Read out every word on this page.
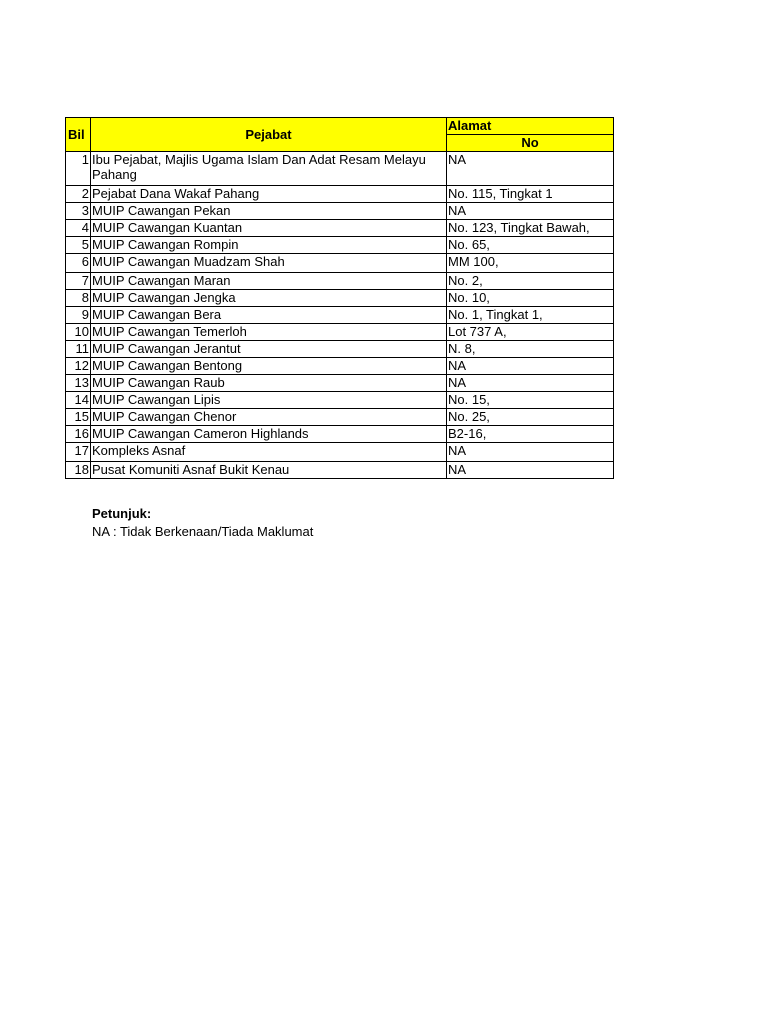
Bil	Pejabat	Alamat
		No
1	Ibu Pejabat, Majlis Ugama Islam Dan Adat Resam Melayu Pahang	NA
2	Pejabat Dana Wakaf Pahang	No. 115, Tingkat 1
3	MUIP Cawangan Pekan	NA
4	MUIP Cawangan Kuantan	No. 123, Tingkat Bawah,
5	MUIP Cawangan Rompin	No. 65,
6	MUIP Cawangan Muadzam Shah	MM 100,
7	MUIP Cawangan Maran	No. 2,
8	MUIP Cawangan Jengka	No. 10,
9	MUIP Cawangan Bera	No. 1, Tingkat 1,
10	MUIP Cawangan Temerloh	Lot 737 A,
11	MUIP Cawangan Jerantut	N. 8,
12	MUIP Cawangan Bentong	NA
13	MUIP Cawangan Raub	NA
14	MUIP Cawangan Lipis	No. 15,
15	MUIP Cawangan Chenor	No. 25,
16	MUIP Cawangan Cameron Highlands	B2-16,
17	Kompleks Asnaf	NA
18	Pusat Komuniti Asnaf Bukit Kenau	NA
Petunjuk:
NA : Tidak Berkenaan/Tiada Maklumat
